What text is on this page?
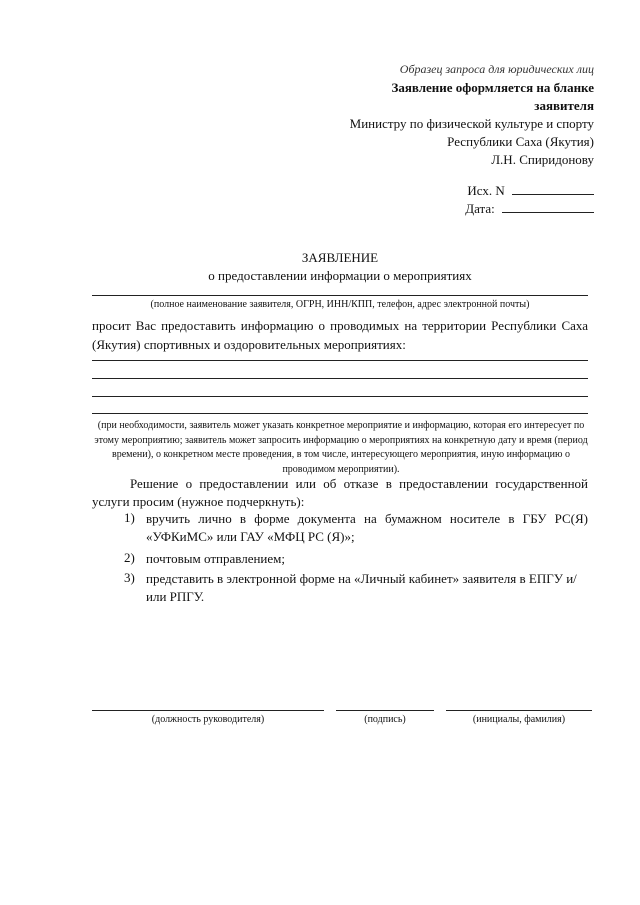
Образец запроса для юридических лиц
Заявление оформляется на бланке
заявителя
Министру по физической культуре и спорту
Республики Саха (Якутия)
Л.Н. Спиридонову
Исх. N
Дата:
ЗАЯВЛЕНИЕ
о предоставлении информации о мероприятиях
(полное наименование заявителя, ОГРН, ИНН/КПП, телефон, адрес электронной почты)
просит Вас предоставить информацию о проводимых на территории Республики Саха (Якутия) спортивных и оздоровительных мероприятиях:
(при необходимости, заявитель может указать конкретное мероприятие и информацию, которая его интересует по этому мероприятию; заявитель может запросить информацию о мероприятиях на конкретную дату и время (период времени), о конкретном месте проведения, в том числе, интересующего мероприятия, иную информацию о проводимом мероприятии).
Решение о предоставлении или об отказе в предоставлении государственной услуги просим (нужное подчеркнуть):
1) вручить лично в форме документа на бумажном носителе в ГБУ РС(Я) «УФКиМС» или ГАУ «МФЦ РС (Я)»;
2) почтовым отправлением;
3) представить в электронной форме на «Личный кабинет» заявителя в ЕПГУ и/или РПГУ.
(должность руководителя)	(подпись)	(инициалы, фамилия)
